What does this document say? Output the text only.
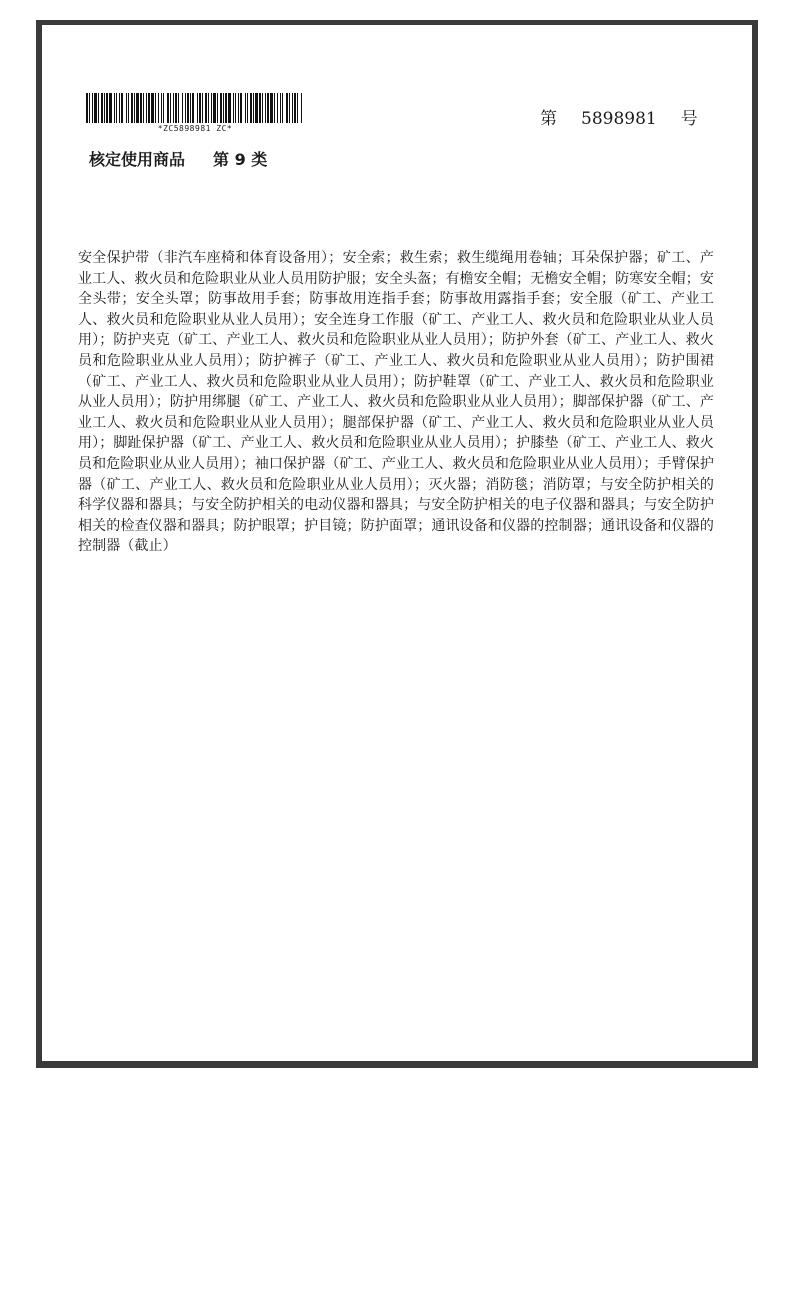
*ZC5898981 ZC*	第 5898981 号
核定使用商品 第 9 类
安全保护带（非汽车座椅和体育设备用）；安全索；救生索；救生缆绳用卷轴；耳朵保护器；矿工、产业工人、救火员和危险职业从业人员用防护服；安全头盔；有檐安全帽；无檐安全帽；防寒安全帽；安全头带；安全头罩；防事故用手套；防事故用连指手套；防事故用露指手套；安全服（矿工、产业工人、救火员和危险职业从业人员用）；安全连身工作服（矿工、产业工人、救火员和危险职业从业人员用）；防护夹克（矿工、产业工人、救火员和危险职业从业人员用）；防护外套（矿工、产业工人、救火员和危险职业从业人员用）；防护裤子（矿工、产业工人、救火员和危险职业从业人员用）；防护围裙（矿工、产业工人、救火员和危险职业从业人员用）；防护鞋罩（矿工、产业工人、救火员和危险职业从业人员用）；防护用绑腿（矿工、产业工人、救火员和危险职业从业人员用）；脚部保护器（矿工、产业工人、救火员和危险职业从业人员用）；腿部保护器（矿工、产业工人、救火员和危险职业从业人员用）；脚趾保护器（矿工、产业工人、救火员和危险职业从业人员用）；护膝垫（矿工、产业工人、救火员和危险职业从业人员用）；袖口保护器（矿工、产业工人、救火员和危险职业从业人员用）；手臂保护器（矿工、产业工人、救火员和危险职业从业人员用）；灭火器；消防毯；消防罩；与安全防护相关的科学仪器和器具；与安全防护相关的电动仪器和器具；与安全防护相关的电子仪器和器具；与安全防护相关的检查仪器和器具；防护眼罩；护目镜；防护面罩；通讯设备和仪器的控制器；通讯设备和仪器的控制器（截止）
